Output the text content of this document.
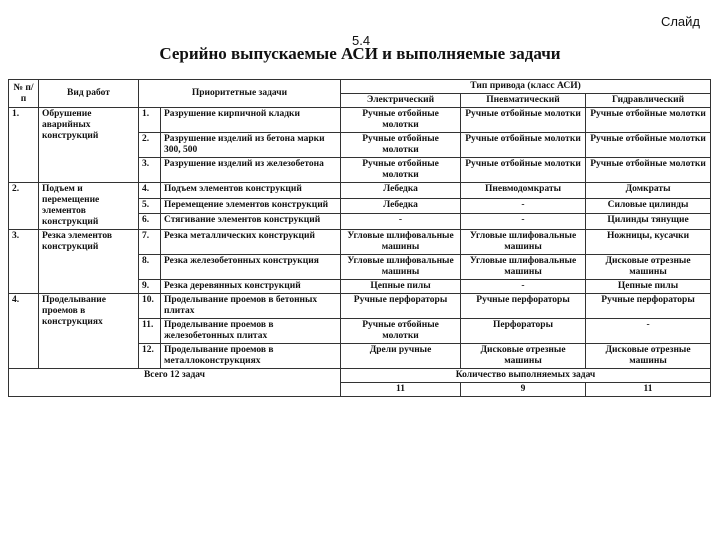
Слайд
5.4
Серийно выпускаемые АСИ и выполняемые задачи
№ п/п	Вид работ	Приоритетные задачи		Тип привода (класс АСИ)		
				Электрический	Пневматический	Гидравлический
1.	Обрушение аварийных конструкций	1.	Разрушение кирпичной кладки	Ручные отбойные молотки	Ручные отбойные молотки	Ручные отбойные молотки
		2.	Разрушение изделий из бетона марки 300, 500	Ручные отбойные молотки	Ручные отбойные молотки	Ручные отбойные молотки
		3.	Разрушение изделий из железобетона	Ручные отбойные молотки	Ручные отбойные молотки	Ручные отбойные молотки
2.	Подъем и перемещение элементов конструкций	4.	Подъем элементов конструкций	Лебедка	Пневмодомкраты	Домкраты
		5.	Перемещение элементов конструкций	Лебедка	-	Силовые цилинды
		6.	Стягивание элементов конструкций	-	-	Цилинды тянущие
3.	Резка элементов конструкций	7.	Резка металлических конструкций	Угловые шлифовальные машины	Угловые шлифовальные машины	Ножницы, кусачки
		8.	Резка железобетонных конструкция	Угловые шлифовальные машины	Угловые шлифовальные машины	Дисковые отрезные машины
		9.	Резка деревянных конструкций	Цепные пилы	-	Цепные пилы
4.	Проделывание проемов в конструкциях	10.	Проделывание проемов в бетонных плитах	Ручные перфораторы	Ручные перфораторы	Ручные перфораторы
		11.	Проделывание проемов в железобетонных плитах	Ручные отбойные молотки	Перфораторы	-
		12.	Проделывание проемов в металлоконструкциях	Дрели ручные	Дисковые отрезные машины	Дисковые отрезные машины
Всего 12 задач				Количество выполняемых задач		
				11	9	11
